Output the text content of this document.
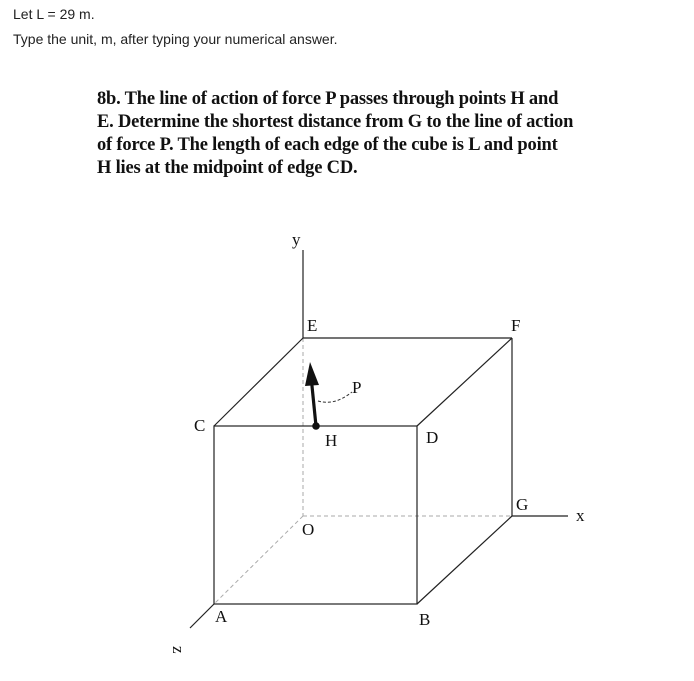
Let L = 29 m.
Type the unit, m, after typing your numerical answer.

8b. The line of action of force P passes through points H and

E. Determine the shortest distance from G to the line of action

of force P. The length of each edge of the cube is L and point

H lies at the midpoint of edge CD.

y
E	F
P
C
H	D
G
x
O
A	B
z
